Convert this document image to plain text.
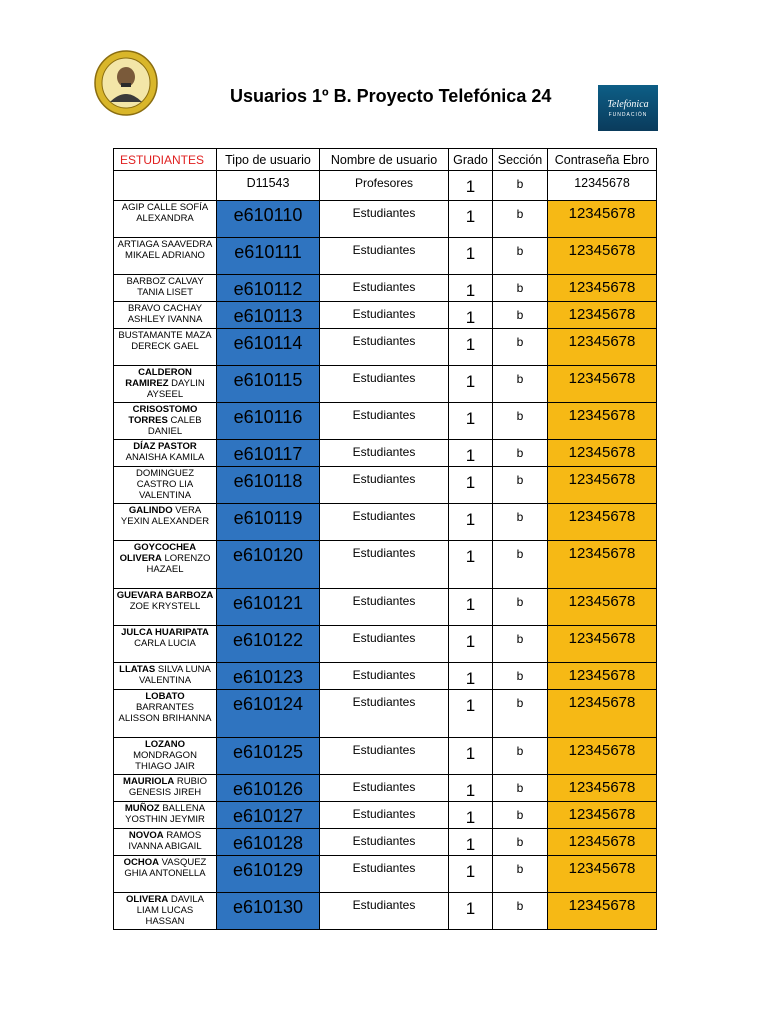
Telefónica
FUNDACIÓN
Usuarios 1º B. Proyecto Telefónica 24
ESTUDIANTES	Tipo de usuario	Nombre de usuario	Grado	Sección	Contraseña Ebro
	D11543	Profesores	1	b	12345678
AGIP CALLE SOFÍA ALEXANDRA	e610110	Estudiantes	1	b	12345678
ARTIAGA SAAVEDRA MIKAEL ADRIANO	e610111	Estudiantes	1	b	12345678
BARBOZ CALVAY TANIA LISET	e610112	Estudiantes	1	b	12345678
BRAVO CACHAY ASHLEY IVANNA	e610113	Estudiantes	1	b	12345678
BUSTAMANTE MAZA DERECK GAEL	e610114	Estudiantes	1	b	12345678
CALDERON RAMIREZ DAYLIN AYSEEL	e610115	Estudiantes	1	b	12345678
CRISOSTOMO TORRES CALEB DANIEL	e610116	Estudiantes	1	b	12345678
DÍAZ PASTOR ANAISHA KAMILA	e610117	Estudiantes	1	b	12345678
DOMINGUEZ CASTRO LIA VALENTINA	e610118	Estudiantes	1	b	12345678
GALINDO VERA YEXIN ALEXANDER	e610119	Estudiantes	1	b	12345678
GOYCOCHEA OLIVERA LORENZO HAZAEL	e610120	Estudiantes	1	b	12345678
GUEVARA BARBOZA ZOE KRYSTELL	e610121	Estudiantes	1	b	12345678
JULCA HUARIPATA CARLA LUCIA	e610122	Estudiantes	1	b	12345678
LLATAS SILVA LUNA VALENTINA	e610123	Estudiantes	1	b	12345678
LOBATO BARRANTES ALISSON BRIHANNA	e610124	Estudiantes	1	b	12345678
LOZANO MONDRAGON THIAGO JAIR	e610125	Estudiantes	1	b	12345678
MAURIOLA RUBIO GENESIS JIREH	e610126	Estudiantes	1	b	12345678
MUÑOZ BALLENA YOSTHIN JEYMIR	e610127	Estudiantes	1	b	12345678
NOVOA RAMOS IVANNA ABIGAIL	e610128	Estudiantes	1	b	12345678
OCHOA VASQUEZ GHIA ANTONELLA	e610129	Estudiantes	1	b	12345678
OLIVERA DAVILA LIAM LUCAS HASSAN	e610130	Estudiantes	1	b	12345678
